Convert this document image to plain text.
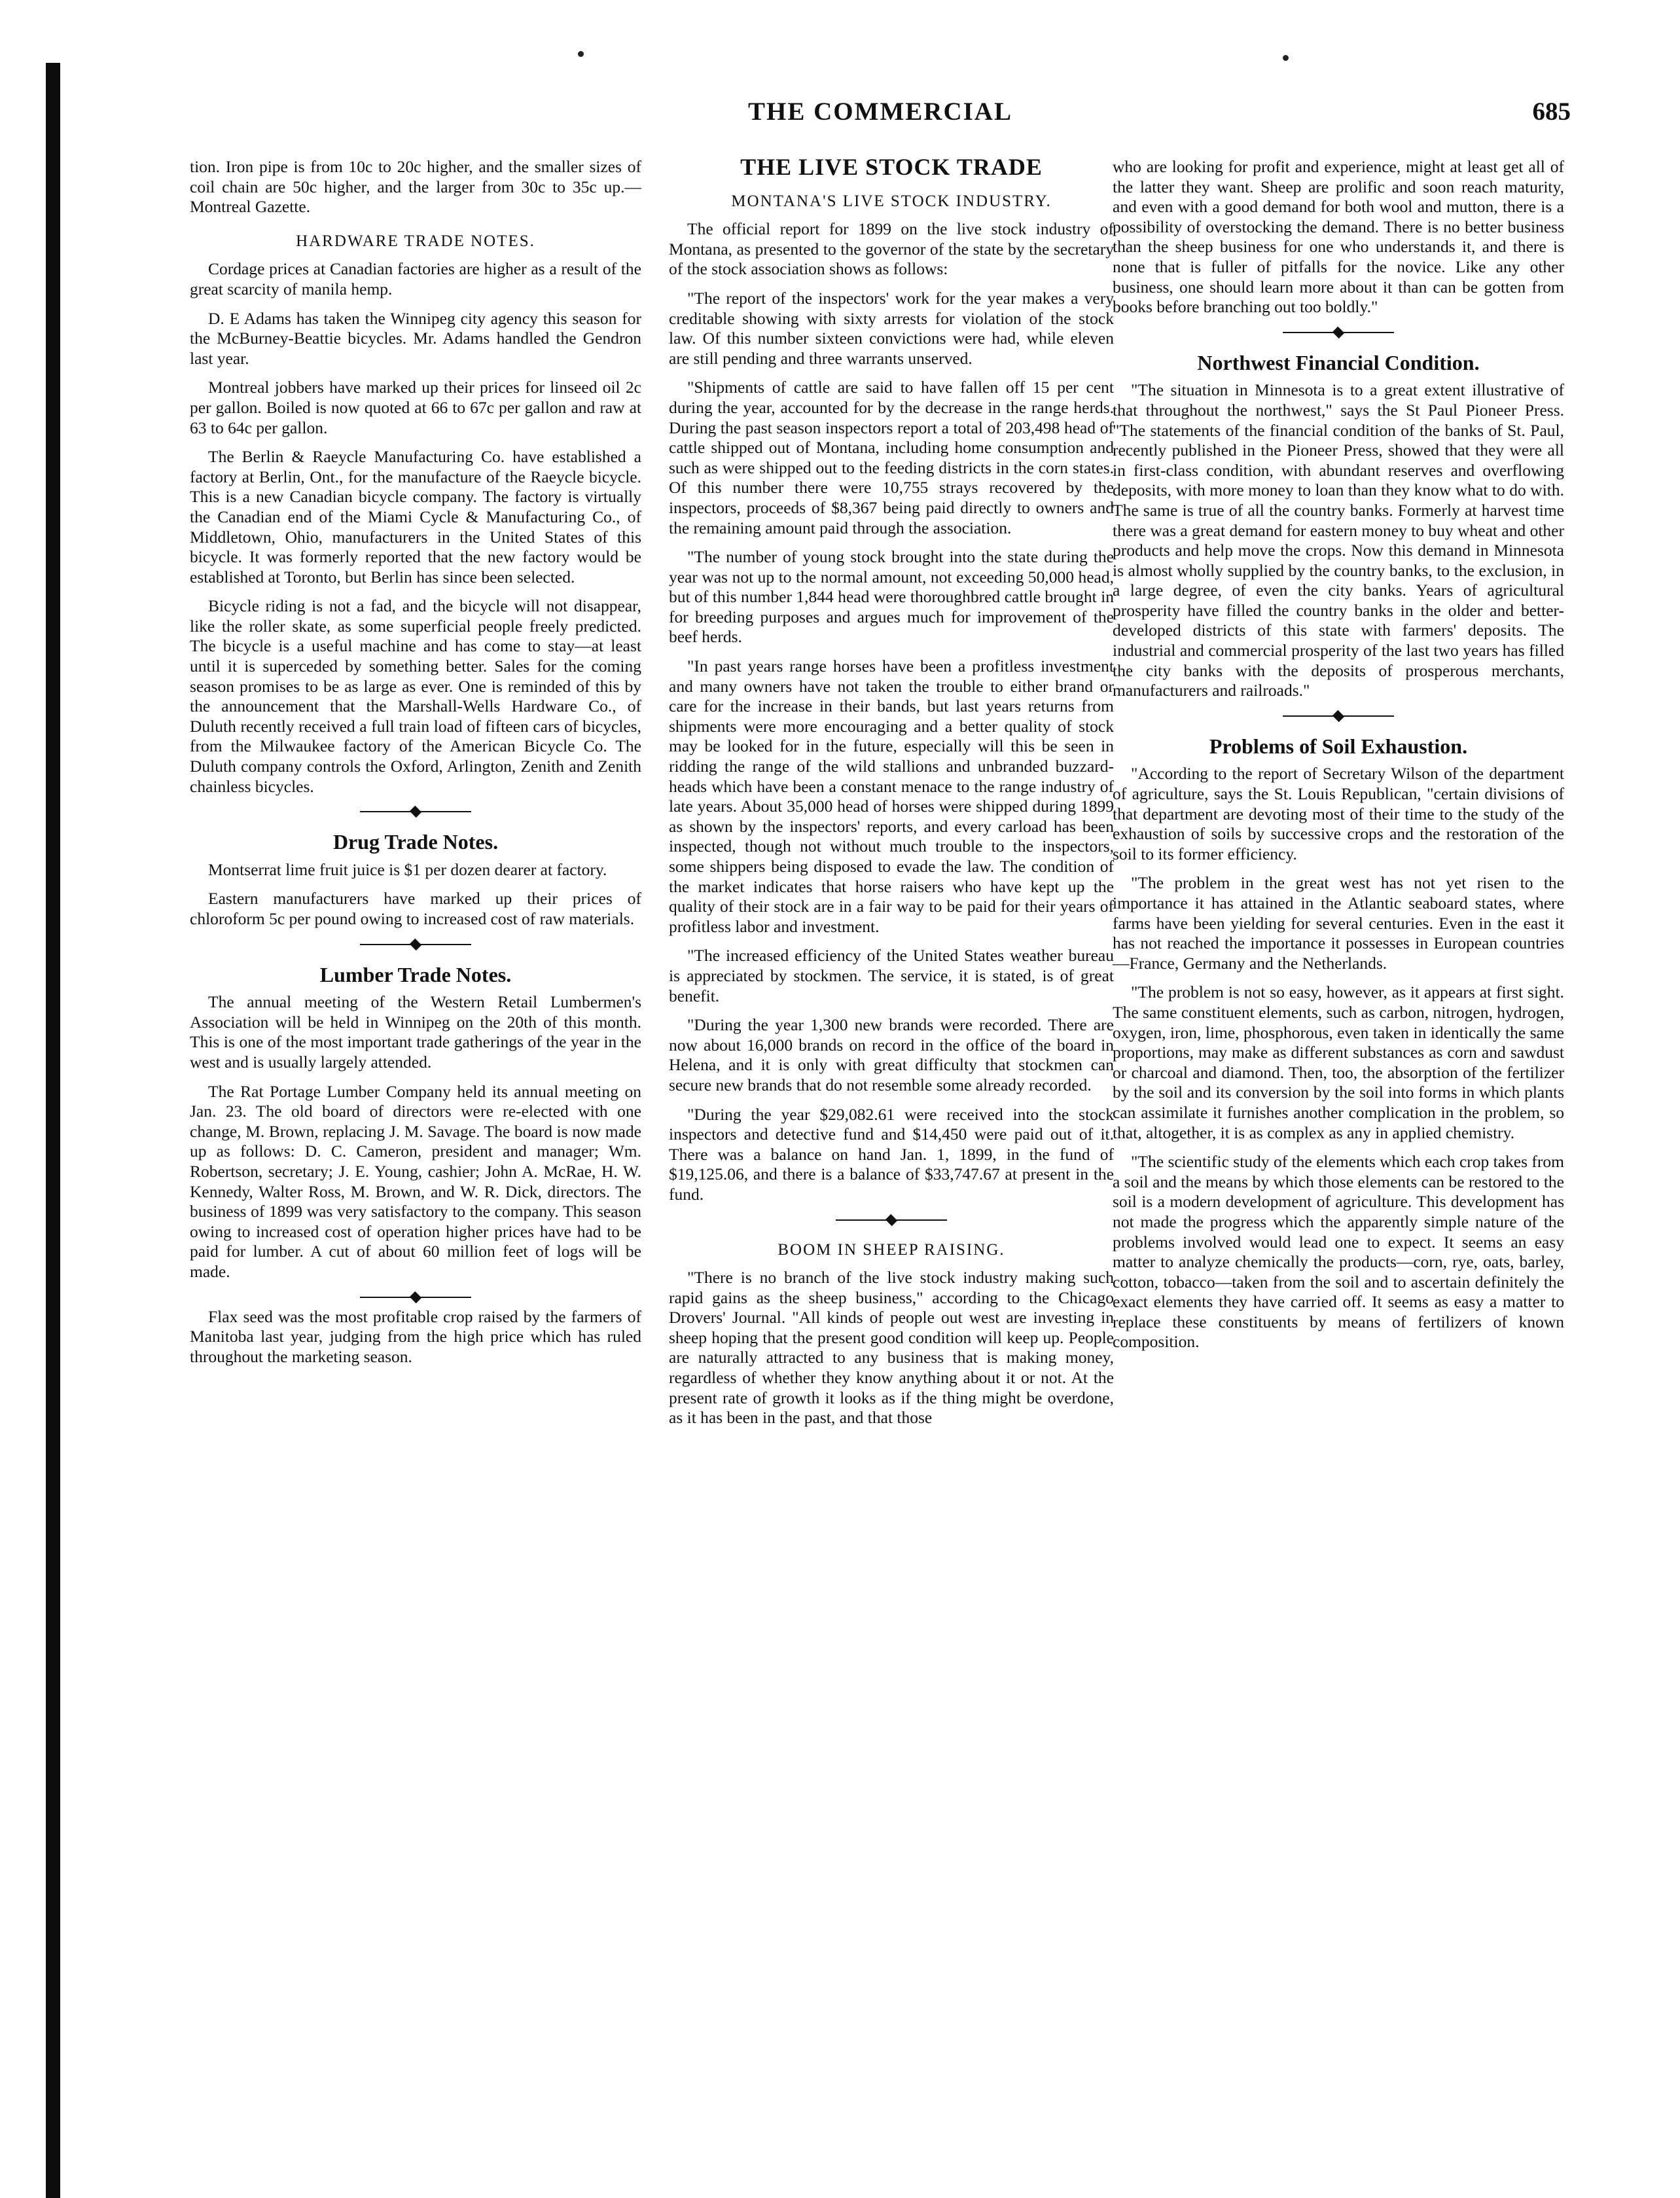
THE COMMERCIAL	685

tion. Iron pipe is from 10c to 20c higher, and the smaller sizes of coil chain are 50c higher, and the larger from 30c to 35c up.—Montreal Gazette.

HARDWARE TRADE NOTES.

Cordage prices at Canadian factories are higher as a result of the great scarcity of manila hemp.

D. E Adams has taken the Winnipeg city agency this season for the McBurney-Beattie bicycles. Mr. Adams handled the Gendron last year.

Montreal jobbers have marked up their prices for linseed oil 2c per gallon. Boiled is now quoted at 66 to 67c per gallon and raw at 63 to 64c per gallon.

The Berlin & Raeycle Manufacturing Co. have established a factory at Berlin, Ont., for the manufacture of the Raeycle bicycle. This is a new Canadian bicycle company. The factory is virtually the Canadian end of the Miami Cycle & Manufacturing Co., of Middletown, Ohio, manufacturers in the United States of this bicycle. It was formerly reported that the new factory would be established at Toronto, but Berlin has since been selected.

Bicycle riding is not a fad, and the bicycle will not disappear, like the roller skate, as some superficial people freely predicted. The bicycle is a useful machine and has come to stay—at least until it is superceded by something better. Sales for the coming season promises to be as large as ever. One is reminded of this by the announcement that the Marshall-Wells Hardware Co., of Duluth recently received a full train load of fifteen cars of bicycles, from the Milwaukee factory of the American Bicycle Co. The Duluth company controls the Oxford, Arlington, Zenith and Zenith chainless bicycles.

Drug Trade Notes.

Montserrat lime fruit juice is $1 per dozen dearer at factory.

Eastern manufacturers have marked up their prices of chloroform 5c per pound owing to increased cost of raw materials.

Lumber Trade Notes.

The annual meeting of the Western Retail Lumbermen's Association will be held in Winnipeg on the 20th of this month. This is one of the most important trade gatherings of the year in the west and is usually largely attended.

The Rat Portage Lumber Company held its annual meeting on Jan. 23. The old board of directors were re-elected with one change, M. Brown, replacing J. M. Savage. The board is now made up as follows: D. C. Cameron, president and manager; Wm. Robertson, secretary; J. E. Young, cashier; John A. McRae, H. W. Kennedy, Walter Ross, M. Brown, and W. R. Dick, directors. The business of 1899 was very satisfactory to the company. This season owing to increased cost of operation higher prices have had to be paid for lumber. A cut of about 60 million feet of logs will be made.

Flax seed was the most profitable crop raised by the farmers of Manitoba last year, judging from the high price which has ruled throughout the marketing season.

THE LIVE STOCK TRADE
MONTANA'S LIVE STOCK INDUSTRY.

The official report for 1899 on the live stock industry of Montana, as presented to the governor of the state by the secretary of the stock association shows as follows:

"The report of the inspectors' work for the year makes a very creditable showing with sixty arrests for violation of the stock law. Of this number sixteen convictions were had, while eleven are still pending and three warrants unserved.

"Shipments of cattle are said to have fallen off 15 per cent during the year, accounted for by the decrease in the range herds. During the past season inspectors report a total of 203,498 head of cattle shipped out of Montana, including home consumption and such as were shipped out to the feeding districts in the corn states. Of this number there were 10,755 strays recovered by the inspectors, proceeds of $8,367 being paid directly to owners and the remaining amount paid through the association.

"The number of young stock brought into the state during the year was not up to the normal amount, not exceeding 50,000 head, but of this number 1,844 head were thoroughbred cattle brought in for breeding purposes and argues much for improvement of the beef herds.

"In past years range horses have been a profitless investment and many owners have not taken the trouble to either brand or care for the increase in their bands, but last years returns from shipments were more encouraging and a better quality of stock may be looked for in the future, especially will this be seen in ridding the range of the wild stallions and unbranded buzzard-heads which have been a constant menace to the range industry of late years. About 35,000 head of horses were shipped during 1899 as shown by the inspectors' reports, and every carload has been inspected, though not without much trouble to the inspectors, some shippers being disposed to evade the law. The condition of the market indicates that horse raisers who have kept up the quality of their stock are in a fair way to be paid for their years of profitless labor and investment.

"The increased efficiency of the United States weather bureau is appreciated by stockmen. The service, it is stated, is of great benefit.

"During the year 1,300 new brands were recorded. There are now about 16,000 brands on record in the office of the board in Helena, and it is only with great difficulty that stockmen can secure new brands that do not resemble some already recorded.

"During the year $29,082.61 were received into the stock inspectors and detective fund and $14,450 were paid out of it. There was a balance on hand Jan. 1, 1899, in the fund of $19,125.06, and there is a balance of $33,747.67 at present in the fund.

BOOM IN SHEEP RAISING.

"There is no branch of the live stock industry making such rapid gains as the sheep business," according to the Chicago Drovers' Journal. "All kinds of people out west are investing in sheep hoping that the present good condition will keep up. People are naturally attracted to any business that is making money, regardless of whether they know anything about it or not. At the present rate of growth it looks as if the thing might be overdone, as it has been in the past, and that those

who are looking for profit and experience, might at least get all of the latter they want. Sheep are prolific and soon reach maturity, and even with a good demand for both wool and mutton, there is a possibility of overstocking the demand. There is no better business than the sheep business for one who understands it, and there is none that is fuller of pitfalls for the novice. Like any other business, one should learn more about it than can be gotten from books before branching out too boldly."

Northwest Financial Condition.

"The situation in Minnesota is to a great extent illustrative of that throughout the northwest," says the St Paul Pioneer Press. "The statements of the financial condition of the banks of St. Paul, recently published in the Pioneer Press, showed that they were all in first-class condition, with abundant reserves and overflowing deposits, with more money to loan than they know what to do with. The same is true of all the country banks. Formerly at harvest time there was a great demand for eastern money to buy wheat and other products and help move the crops. Now this demand in Minnesota is almost wholly supplied by the country banks, to the exclusion, in a large degree, of even the city banks. Years of agricultural prosperity have filled the country banks in the older and better-developed districts of this state with farmers' deposits. The industrial and commercial prosperity of the last two years has filled the city banks with the deposits of prosperous merchants, manufacturers and railroads."

Problems of Soil Exhaustion.

"According to the report of Secretary Wilson of the department of agriculture, says the St. Louis Republican, "certain divisions of that department are devoting most of their time to the study of the exhaustion of soils by successive crops and the restoration of the soil to its former efficiency.

"The problem in the great west has not yet risen to the importance it has attained in the Atlantic seaboard states, where farms have been yielding for several centuries. Even in the east it has not reached the importance it possesses in European countries—France, Germany and the Netherlands.

"The problem is not so easy, however, as it appears at first sight. The same constituent elements, such as carbon, nitrogen, hydrogen, oxygen, iron, lime, phosphorous, even taken in identically the same proportions, may make as different substances as corn and sawdust or charcoal and diamond. Then, too, the absorption of the fertilizer by the soil and its conversion by the soil into forms in which plants can assimilate it furnishes another complication in the problem, so that, altogether, it is as complex as any in applied chemistry.

"The scientific study of the elements which each crop takes from a soil and the means by which those elements can be restored to the soil is a modern development of agriculture. This development has not made the progress which the apparently simple nature of the problems involved would lead one to expect. It seems an easy matter to analyze chemically the products—corn, rye, oats, barley, cotton, tobacco—taken from the soil and to ascertain definitely the exact elements they have carried off. It seems as easy a matter to replace these constituents by means of fertilizers of known composition.
